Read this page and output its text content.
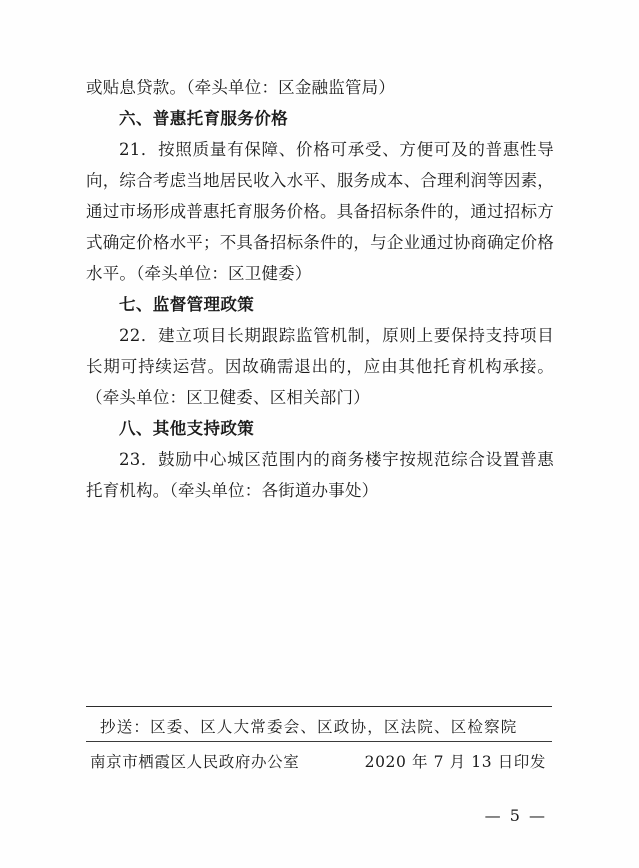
或贴息贷款。（牵头单位：区金融监管局）

六、普惠托育服务价格

21．按照质量有保障、价格可承受、方便可及的普惠性导向，综合考虑当地居民收入水平、服务成本、合理利润等因素，通过市场形成普惠托育服务价格。具备招标条件的，通过招标方式确定价格水平；不具备招标条件的，与企业通过协商确定价格水平。（牵头单位：区卫健委）

七、监督管理政策

22．建立项目长期跟踪监管机制，原则上要保持支持项目长期可持续运营。因故确需退出的，应由其他托育机构承接。（牵头单位：区卫健委、区相关部门）

八、其他支持政策

23．鼓励中心城区范围内的商务楼宇按规范综合设置普惠托育机构。（牵头单位：各街道办事处）

抄送：区委、区人大常委会、区政协，区法院、区检察院
南京市栖霞区人民政府办公室	2020 年 7 月 13 日印发
— 5 —
